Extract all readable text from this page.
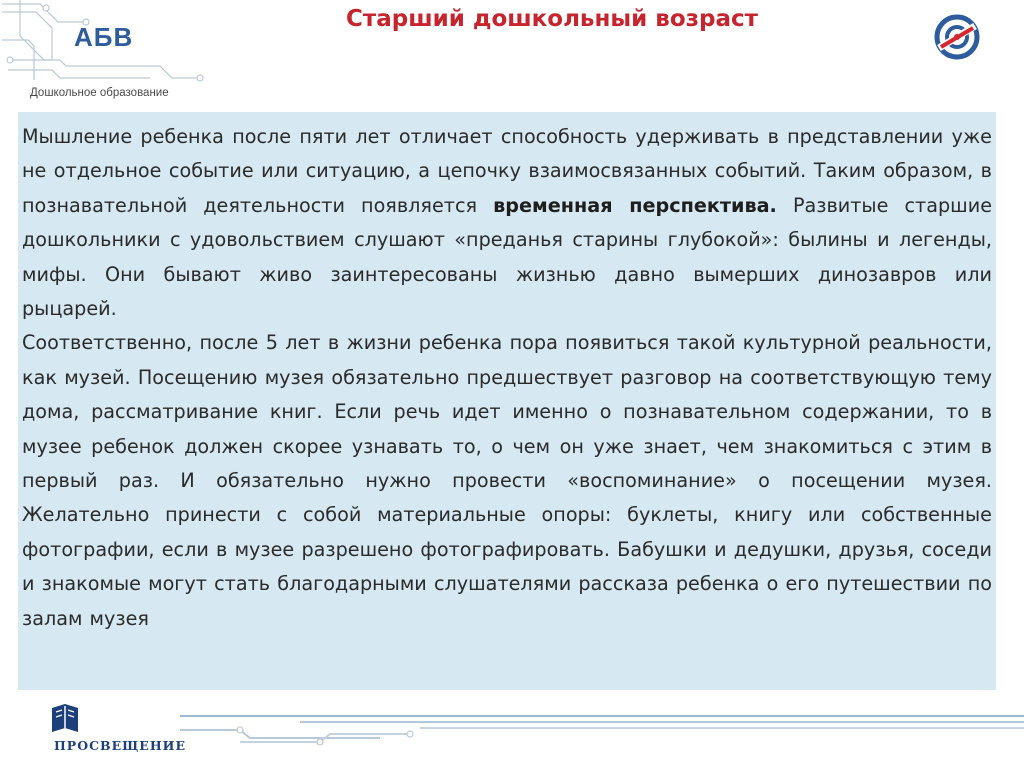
АБВ
Дошкольное образование
Старший дошкольный возраст

Мышление ребенка после пяти лет отличает способность удерживать в представлении уже не отдельное событие или ситуацию, а цепочку взаимосвязанных событий. Таким образом, в познавательной деятельности появляется временная перспектива. Развитые старшие дошкольники с удовольствием слушают «преданья старины глубокой»: былины и легенды, мифы. Они бывают живо заинтересованы жизнью давно вымерших динозавров или рыцарей.

Соответственно, после 5 лет в жизни ребенка пора появиться такой культурной реальности, как музей. Посещению музея обязательно предшествует разговор на соответствующую тему дома, рассматривание книг. Если речь идет именно о познавательном содержании, то в музее ребенок должен скорее узнавать то, о чем он уже знает, чем знакомиться с этим в первый раз. И обязательно нужно провести «воспоминание» о посещении музея. Желательно принести с собой материальные опоры: буклеты, книгу или собственные фотографии, если в музее разрешено фотографировать. Бабушки и дедушки, друзья, соседи и знакомые могут стать благодарными слушателями рассказа ребенка о его путешествии по залам музея

ПРОСВЕЩЕНИЕ
